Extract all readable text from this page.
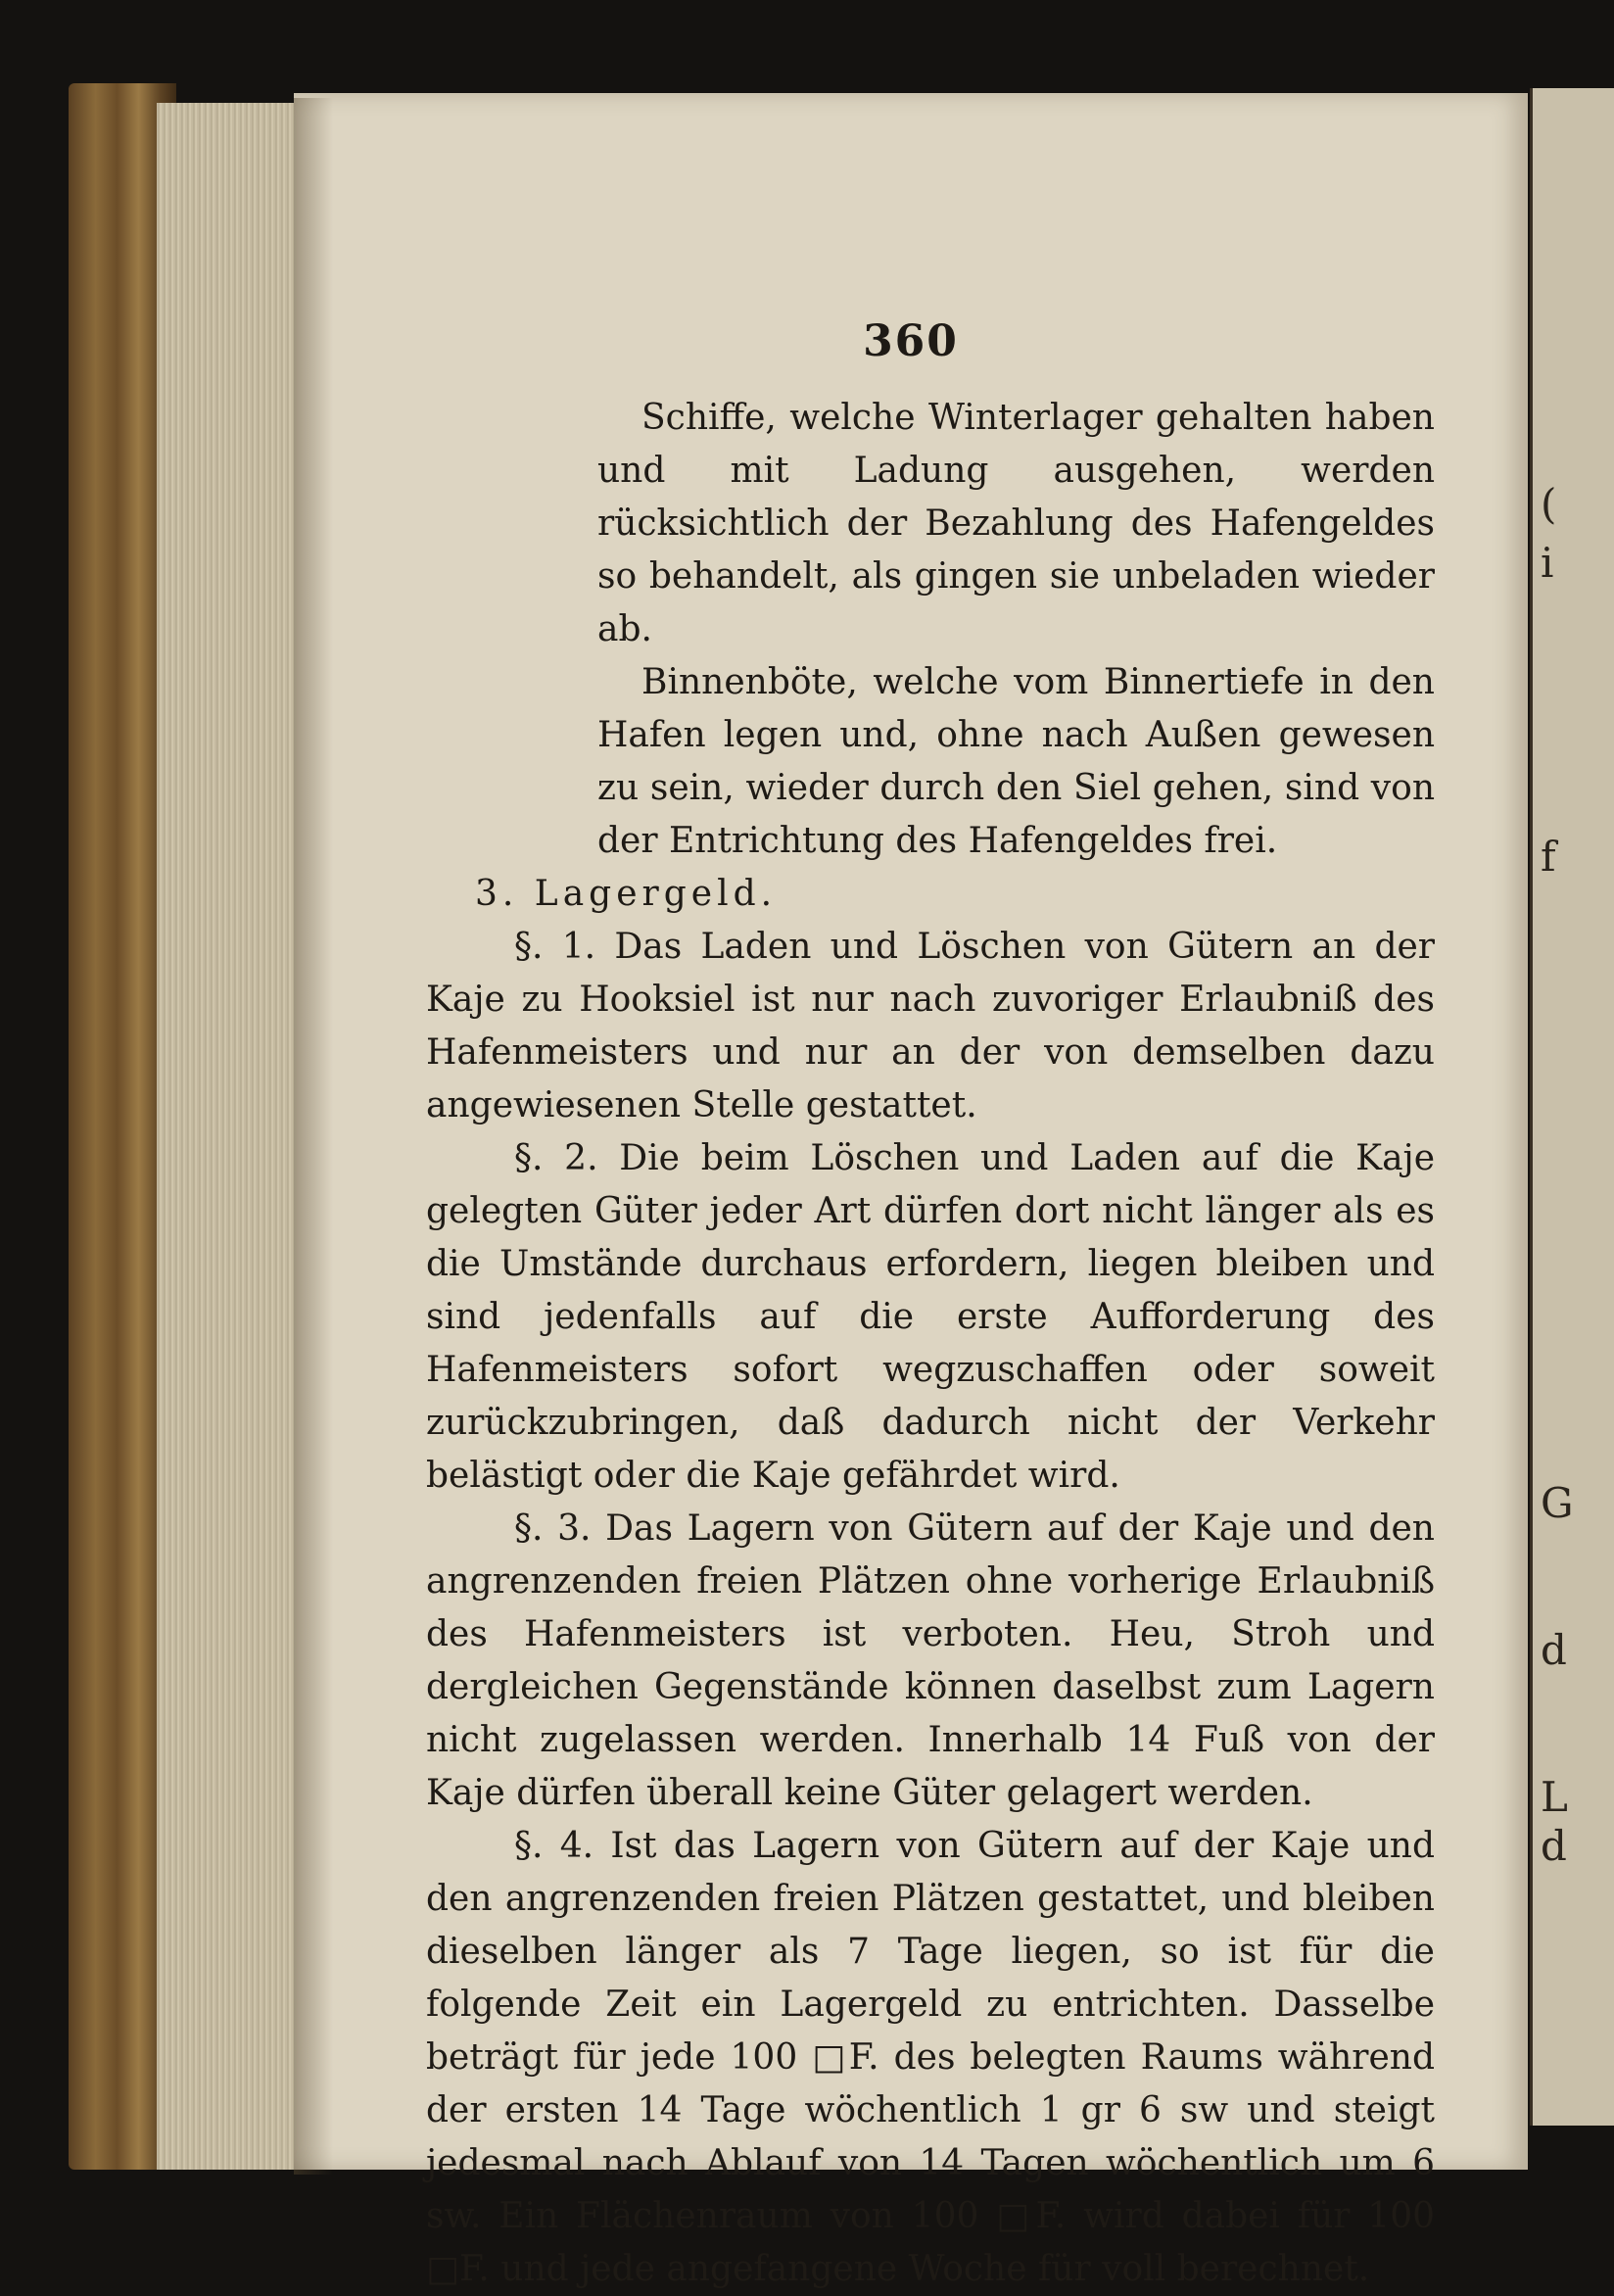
360

Schiffe, welche Winterlager gehalten haben und mit Ladung ausgehen, werden rücksichtlich der Bezahlung des Hafengeldes so behandelt, als gingen sie unbeladen wieder ab.

Binnenböte, welche vom Binnertiefe in den Hafen legen und, ohne nach Außen gewesen zu sein, wieder durch den Siel gehen, sind von der Entrichtung des Hafengeldes frei.

3. Lagergeld.

§. 1. Das Laden und Löschen von Gütern an der Kaje zu Hooksiel ist nur nach zuvoriger Erlaubniß des Hafenmeisters und nur an der von demselben dazu angewiesenen Stelle gestattet.

§. 2. Die beim Löschen und Laden auf die Kaje gelegten Güter jeder Art dürfen dort nicht länger als es die Umstände durchaus erfordern, liegen bleiben und sind jedenfalls auf die erste Aufforderung des Hafenmeisters sofort wegzuschaffen oder soweit zurückzubringen, daß dadurch nicht der Verkehr belästigt oder die Kaje gefährdet wird.

§. 3. Das Lagern von Gütern auf der Kaje und den angrenzenden freien Plätzen ohne vorherige Erlaubniß des Hafenmeisters ist verboten. Heu, Stroh und dergleichen Gegenstände können daselbst zum Lagern nicht zugelassen werden. Innerhalb 14 Fuß von der Kaje dürfen überall keine Güter gelagert werden.

§. 4. Ist das Lagern von Gütern auf der Kaje und den angrenzenden freien Plätzen gestattet, und bleiben dieselben länger als 7 Tage liegen, so ist für die folgende Zeit ein Lagergeld zu entrichten. Dasselbe beträgt für jede 100 □F. des belegten Raums während der ersten 14 Tage wöchentlich 1 gr 6 sw und steigt jedesmal nach Ablauf von 14 Tagen wöchentlich um 6 sw. Ein Flächenraum von 100 □F. wird dabei für 100 □F. und jede angefangene Woche für voll berechnet.

(
i
f
G
d
L
d
